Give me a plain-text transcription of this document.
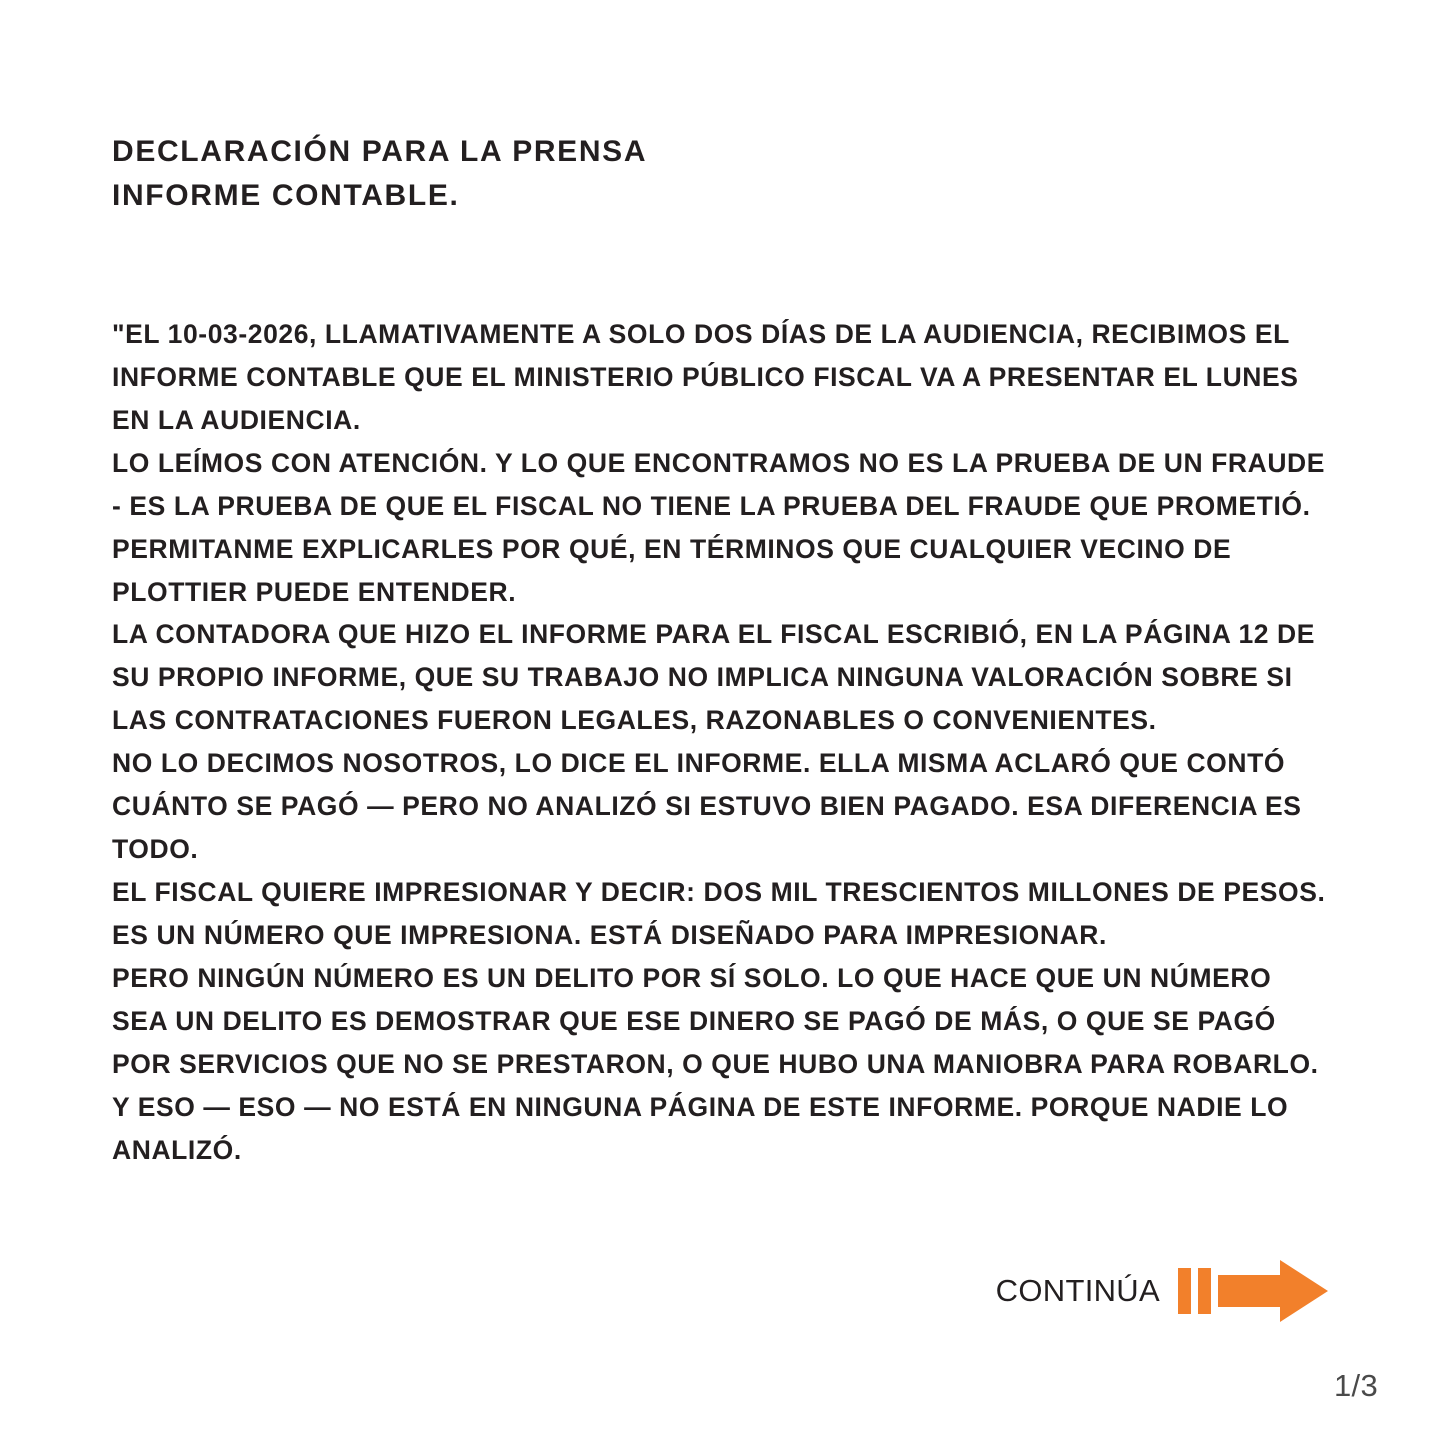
DECLARACIÓN PARA LA PRENSA
INFORME CONTABLE.

"EL 10-03-2026, LLAMATIVAMENTE A SOLO DOS DÍAS DE LA AUDIENCIA, RECIBIMOS EL INFORME CONTABLE QUE EL MINISTERIO PÚBLICO FISCAL VA A PRESENTAR EL LUNES EN LA AUDIENCIA.

LO LEÍMOS CON ATENCIÓN. Y LO QUE ENCONTRAMOS NO ES LA PRUEBA DE UN FRAUDE - ES LA PRUEBA DE QUE EL FISCAL NO TIENE LA PRUEBA DEL FRAUDE QUE PROMETIÓ.

PERMITANME EXPLICARLES POR QUÉ, EN TÉRMINOS QUE CUALQUIER VECINO DE PLOTTIER PUEDE ENTENDER.

LA CONTADORA QUE HIZO EL INFORME PARA EL FISCAL ESCRIBIÓ, EN LA PÁGINA 12 DE SU PROPIO INFORME, QUE SU TRABAJO NO IMPLICA NINGUNA VALORACIÓN SOBRE SI LAS CONTRATACIONES FUERON LEGALES, RAZONABLES O CONVENIENTES.

NO LO DECIMOS NOSOTROS, LO DICE EL INFORME. ELLA MISMA ACLARÓ QUE CONTÓ CUÁNTO SE PAGÓ — PERO NO ANALIZÓ SI ESTUVO BIEN PAGADO. ESA DIFERENCIA ES TODO.

EL FISCAL QUIERE IMPRESIONAR Y DECIR: DOS MIL TRESCIENTOS MILLONES DE PESOS. ES UN NÚMERO QUE IMPRESIONA. ESTÁ DISEÑADO PARA IMPRESIONAR.

PERO NINGÚN NÚMERO ES UN DELITO POR SÍ SOLO. LO QUE HACE QUE UN NÚMERO SEA UN DELITO ES DEMOSTRAR QUE ESE DINERO SE PAGÓ DE MÁS, O QUE SE PAGÓ POR SERVICIOS QUE NO SE PRESTARON, O QUE HUBO UNA MANIOBRA PARA ROBARLO. Y ESO — ESO — NO ESTÁ EN NINGUNA PÁGINA DE ESTE INFORME. PORQUE NADIE LO ANALIZÓ.

CONTINÚA
1/3
